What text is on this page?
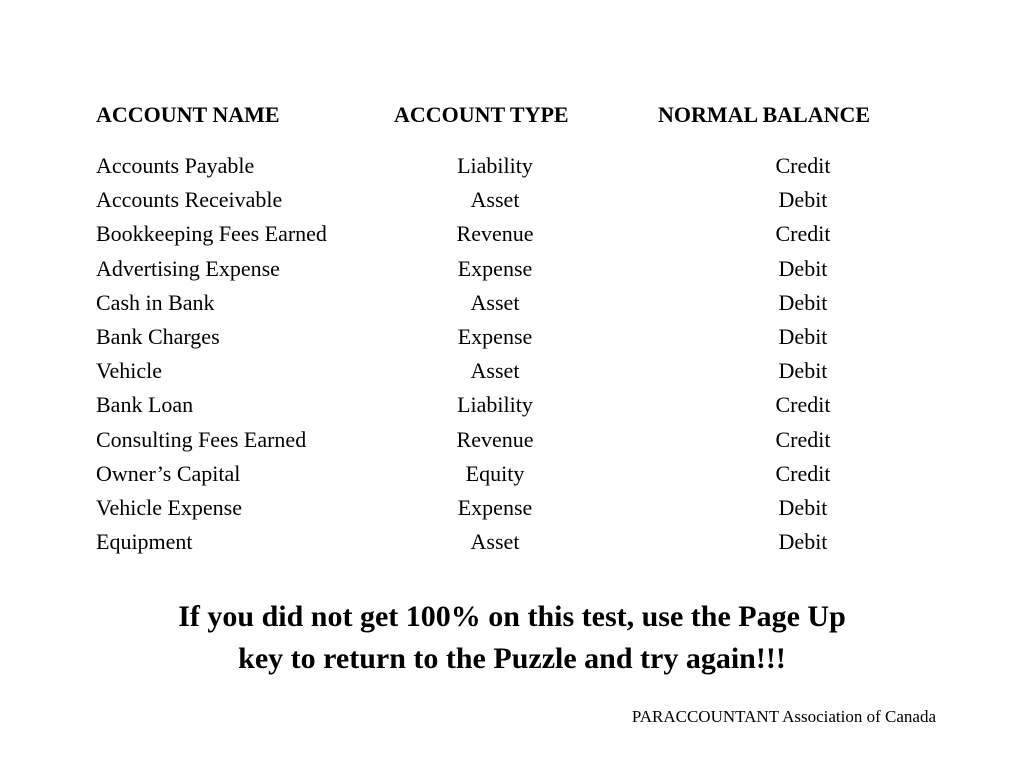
ACCOUNT NAME	ACCOUNT TYPE	NORMAL BALANCE
Accounts Payable	Liability	Credit
Accounts Receivable	Asset	Debit
Bookkeeping Fees Earned	Revenue	Credit
Advertising Expense	Expense	Debit
Cash in Bank	Asset	Debit
Bank Charges	Expense	Debit
Vehicle	Asset	Debit
Bank Loan	Liability	Credit
Consulting Fees Earned	Revenue	Credit
Owner’s Capital	Equity	Credit
Vehicle Expense	Expense	Debit
Equipment	Asset	Debit
If you did not get 100% on this test, use the Page Up
key to return to the Puzzle and try again!!!
PARACCOUNTANT Association of Canada
